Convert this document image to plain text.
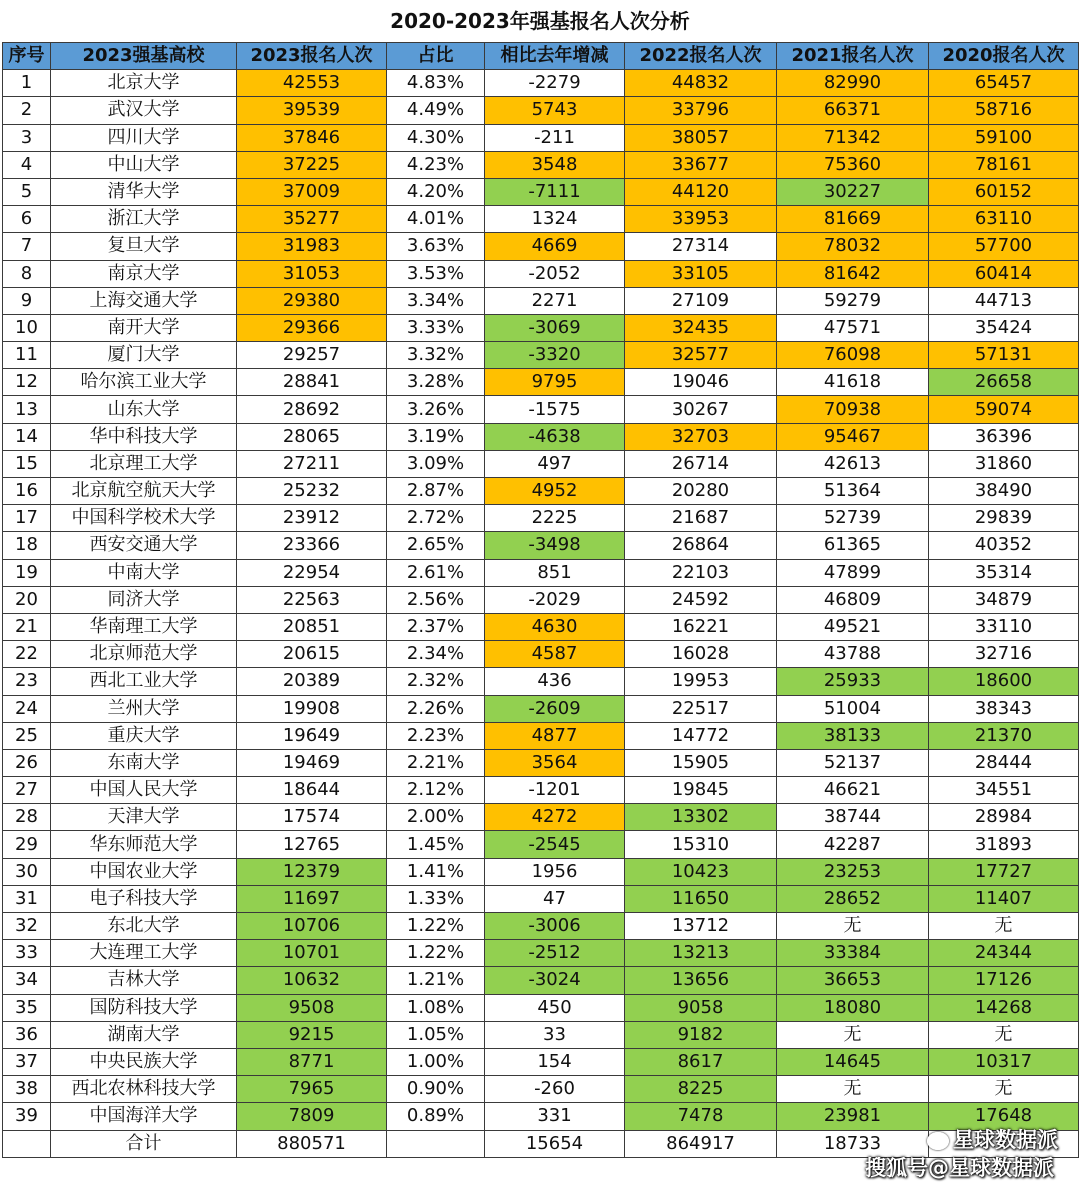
2020-2023年强基报名人次分析
序号	2023强基高校	2023报名人次	占比	相比去年增减	2022报名人次	2021报名人次	2020报名人次
1	北京大学	42553	4.83%	-2279	44832	82990	65457
2	武汉大学	39539	4.49%	5743	33796	66371	58716
3	四川大学	37846	4.30%	-211	38057	71342	59100
4	中山大学	37225	4.23%	3548	33677	75360	78161
5	清华大学	37009	4.20%	-7111	44120	30227	60152
6	浙江大学	35277	4.01%	1324	33953	81669	63110
7	复旦大学	31983	3.63%	4669	27314	78032	57700
8	南京大学	31053	3.53%	-2052	33105	81642	60414
9	上海交通大学	29380	3.34%	2271	27109	59279	44713
10	南开大学	29366	3.33%	-3069	32435	47571	35424
11	厦门大学	29257	3.32%	-3320	32577	76098	57131
12	哈尔滨工业大学	28841	3.28%	9795	19046	41618	26658
13	山东大学	28692	3.26%	-1575	30267	70938	59074
14	华中科技大学	28065	3.19%	-4638	32703	95467	36396
15	北京理工大学	27211	3.09%	497	26714	42613	31860
16	北京航空航天大学	25232	2.87%	4952	20280	51364	38490
17	中国科学校术大学	23912	2.72%	2225	21687	52739	29839
18	西安交通大学	23366	2.65%	-3498	26864	61365	40352
19	中南大学	22954	2.61%	851	22103	47899	35314
20	同济大学	22563	2.56%	-2029	24592	46809	34879
21	华南理工大学	20851	2.37%	4630	16221	49521	33110
22	北京师范大学	20615	2.34%	4587	16028	43788	32716
23	西北工业大学	20389	2.32%	436	19953	25933	18600
24	兰州大学	19908	2.26%	-2609	22517	51004	38343
25	重庆大学	19649	2.23%	4877	14772	38133	21370
26	东南大学	19469	2.21%	3564	15905	52137	28444
27	中国人民大学	18644	2.12%	-1201	19845	46621	34551
28	天津大学	17574	2.00%	4272	13302	38744	28984
29	华东师范大学	12765	1.45%	-2545	15310	42287	31893
30	中国农业大学	12379	1.41%	1956	10423	23253	17727
31	电子科技大学	11697	1.33%	47	11650	28652	11407
32	东北大学	10706	1.22%	-3006	13712	无	无
33	大连理工大学	10701	1.22%	-2512	13213	33384	24344
34	吉林大学	10632	1.21%	-3024	13656	36653	17126
35	国防科技大学	9508	1.08%	450	9058	18080	14268
36	湖南大学	9215	1.05%	33	9182	无	无
37	中央民族大学	8771	1.00%	154	8617	14645	10317
38	西北农林科技大学	7965	0.90%	-260	8225	无	无
39	中国海洋大学	7809	0.89%	331	7478	23981	17648
	合计	880571		15654	864917	18733		星球数据派
搜狐号@星球数据派
